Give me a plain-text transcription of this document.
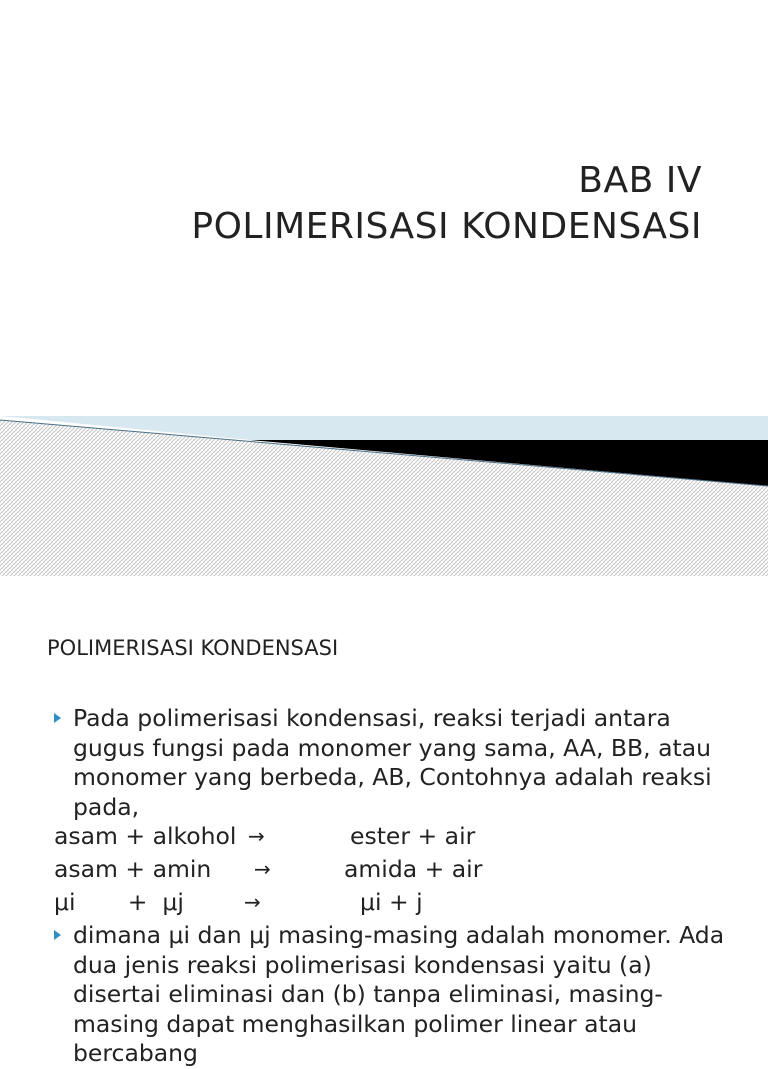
BAB IV
POLIMERISASI KONDENSASI
POLIMERISASI KONDENSASI
Pada polimerisasi kondensasi, reaksi terjadi antara gugus fungsi pada monomer yang sama, AA, BB, atau monomer yang berbeda, AB, Contohnya adalah reaksi pada,
asam + alkohol →	ester + air
asam + amin →	amida + air
μi       +  μj	→	μi + j
dimana μi dan μj masing-masing adalah monomer. Ada dua jenis reaksi polimerisasi kondensasi yaitu (a) disertai eliminasi dan (b) tanpa eliminasi, masing-masing dapat menghasilkan polimer linear atau bercabang
